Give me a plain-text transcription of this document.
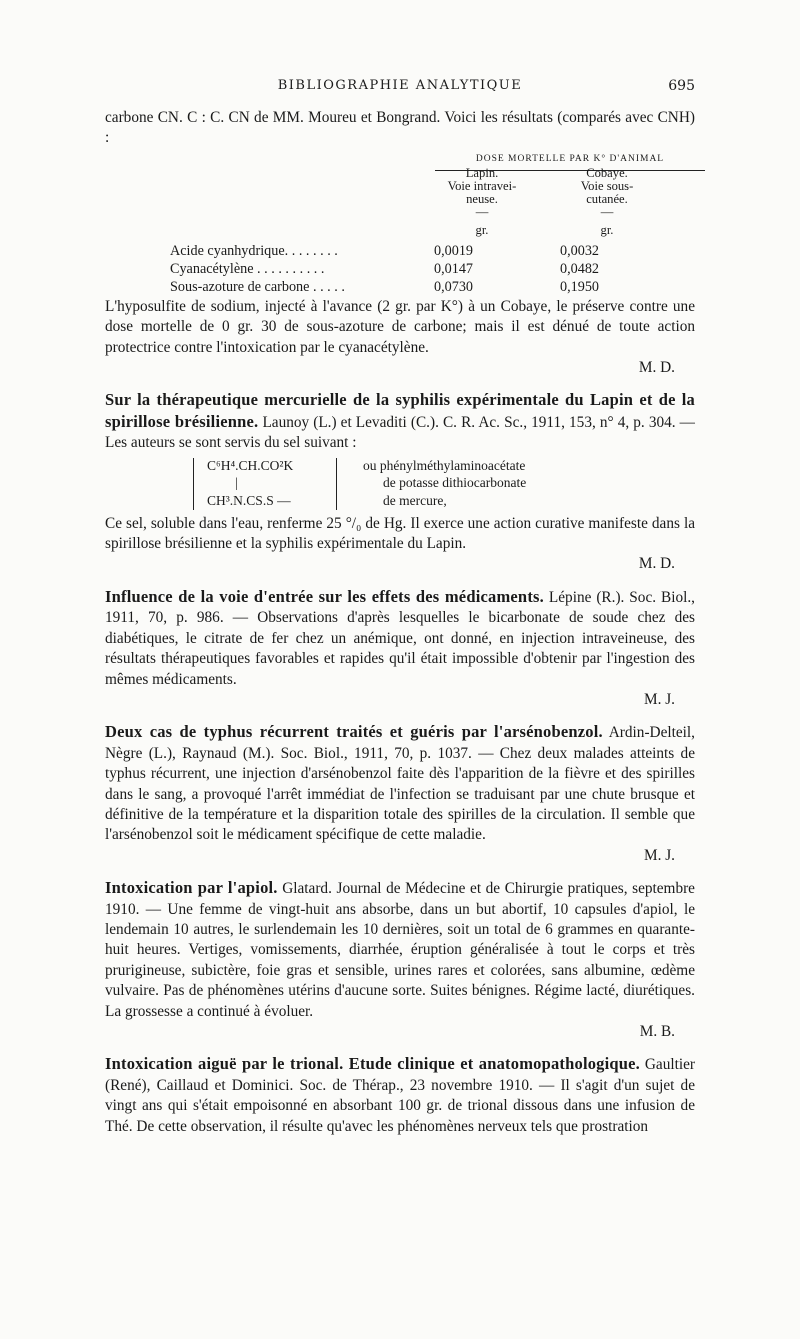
BIBLIOGRAPHIE ANALYTIQUE	695

carbone CN. C : C. CN de MM. Moureu et Bongrand. Voici les résultats (comparés avec CNH) :

DOSE MORTELLE PAR K° D'ANIMAL
Lapin.
Voie intravei-
neuse.
—
gr.
Cobaye.
Voie sous-
cutanée.
—
gr.
Acide cyanhydrique. . . . . . . .	0,0019	0,0032
Cyanacétylène . . . . . . . . . .	0,0147	0,0482
Sous-azoture de carbone . . . . .	0,0730	0,1950

L'hyposulfite de sodium, injecté à l'avance (2 gr. par K°) à un Cobaye, le préserve contre une dose mortelle de 0 gr. 30 de sous-azoture de carbone; mais il est dénué de toute action protectrice contre l'intoxication par le cyanacétylène.

M. D.

Sur la thérapeutique mercurielle de la syphilis expérimentale du Lapin et de la spirillose brésilienne. Launoy (L.) et Levaditi (C.). C. R. Ac. Sc., 1911, 153, n° 4, p. 304. — Les auteurs se sont servis du sel suivant :

C⁶H⁴.CH.CO²K
|
CH³.N.CS.S —
ou phénylméthylaminoacétate
de potasse dithiocarbonate
de mercure,

Ce sel, soluble dans l'eau, renferme 25 °/₀ de Hg. Il exerce une action curative manifeste dans la spirillose brésilienne et la syphilis expérimentale du Lapin.

M. D.

Influence de la voie d'entrée sur les effets des médicaments. Lépine (R.). Soc. Biol., 1911, 70, p. 986. — Observations d'après lesquelles le bicarbonate de soude chez des diabétiques, le citrate de fer chez un anémique, ont donné, en injection intraveineuse, des résultats thérapeutiques favorables et rapides qu'il était impossible d'obtenir par l'ingestion des mêmes médicaments.

M. J.

Deux cas de typhus récurrent traités et guéris par l'arsénobenzol. Ardin-Delteil, Nègre (L.), Raynaud (M.). Soc. Biol., 1911, 70, p. 1037. — Chez deux malades atteints de typhus récurrent, une injection d'arsénobenzol faite dès l'apparition de la fièvre et des spirilles dans le sang, a provoqué l'arrêt immédiat de l'infection se traduisant par une chute brusque et définitive de la température et la disparition totale des spirilles de la circulation. Il semble que l'arsénobenzol soit le médicament spécifique de cette maladie.

M. J.

Intoxication par l'apiol. Glatard. Journal de Médecine et de Chirurgie pratiques, septembre 1910. — Une femme de vingt-huit ans absorbe, dans un but abortif, 10 capsules d'apiol, le lendemain 10 autres, le surlendemain les 10 dernières, soit un total de 6 grammes en quarante-huit heures. Vertiges, vomissements, diarrhée, éruption généralisée à tout le corps et très prurigineuse, subictère, foie gras et sensible, urines rares et colorées, sans albumine, œdème vulvaire. Pas de phénomènes utérins d'aucune sorte. Suites bénignes. Régime lacté, diurétiques. La grossesse a continué à évoluer.

M. B.

Intoxication aiguë par le trional. Etude clinique et anatomopathologique. Gaultier (René), Caillaud et Dominici. Soc. de Thérap., 23 novembre 1910. — Il s'agit d'un sujet de vingt ans qui s'était empoisonné en absorbant 100 gr. de trional dissous dans une infusion de Thé. De cette observation, il résulte qu'avec les phénomènes nerveux tels que prostration
